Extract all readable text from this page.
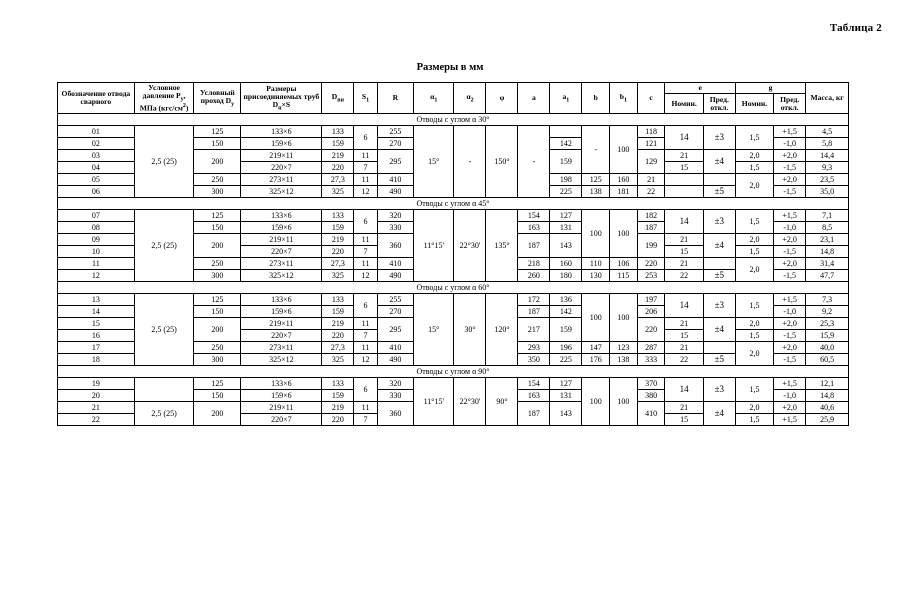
Таблица 2
Размеры в мм
Обозначение отвода сварного	Условное давление $P_у$, МПа $(кгс/см^2)$	Условный проход $D_у$	Размеры присоединяемых труб $D_н\times S$	$D_{вн}$	$S_1$	R	$\alpha_1$	$\alpha_2$	φ	a	$a_1$	b	$b_1$	c	e		g		Масса, кг
															Номин.	Пред. откл.	Номин.	Пред. откл.	

Отводы с углом α 30°																			
01	2,5 (25)	125	133×6	133	6	255	15°	-	150°	-		-	100	118	14	±3	1,5	+1,5	4,5
02		150	159×6	159		270					142			121				-1,0	5,8
03		200	219×11	219	11	295					159			129	21	±4	2,0	+2,0	14,4
04			220×7	220	7										15		1,5	-1,5	9,3
05		250	273×11	27,3	11	410					198	125	160	21			2,0	+2,0	23,5
06		300	325×12	325	12	490					225	138	181	22		±5		-1,5	35,0
Отводы с углом α 45°																			
07	2,5 (25)	125	133×6	133	6	320	11°15'	22°30'	135°	154	127	100	100	182	14	±3	1,5	+1,5	7,1
08		150	159×6	159		330				163	131			187				-1,0	8,5
09		200	219×11	219	11	360				187	143			199	21	±4	2,0	+2,0	23,1
10			220×7	220	7										15		1,5	-1,5	14,8
11		250	273×11	27,3	11	410				218	160	110	106	220	21		2,0	+2,0	31,4
12		300	325×12	325	12	490				260	180	130	115	253	22	±5		-1,5	47,7
Отводы с углом α 60°																			
13	2,5 (25)	125	133×6	133	6	255	15°	30°	120°	172	136	100	100	197	14	±3	1,5	+1,5	7,3
14		150	159×6	159		270				187	142			206				-1,0	9,2
15		200	219×11	219	11	295				217	159			220	21	±4	2,0	+2,0	25,3
16			220×7	220	7										15		1,5	-1,5	15,9
17		250	273×11	27,3	11	410				293	196	147	123	287	21		2,0	+2,0	40,0
18		300	325×12	325	12	490				350	225	176	138	333	22	±5		-1,5	60,5
Отводы с углом α 90°																			
19		125	133×6	133	6	320	11°15'	22°30'	90°	154	127	100	100	370	14	±3	1,5	+1,5	12,1
20		150	159×6	159		330				163	131			380				-1,0	14,8
21	2,5 (25)	200	219×11	219	11	360				187	143			410	21	±4	2,0	+2,0	40,6
22			220×7	220	7										15		1,5	+1,5	25,9
